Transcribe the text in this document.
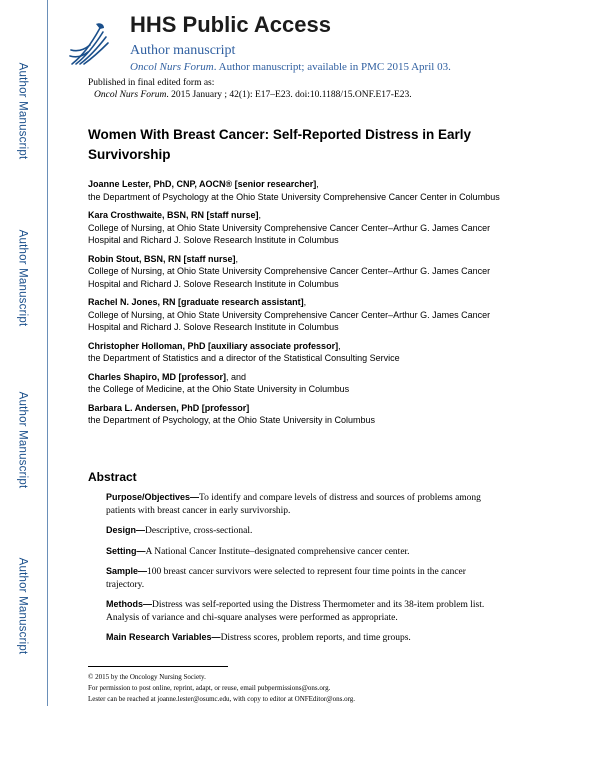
Author Manuscript
Author Manuscript
Author Manuscript
Author Manuscript
HHS Public Access
Author manuscript
Oncol Nurs Forum. Author manuscript; available in PMC 2015 April 03.
Published in final edited form as:
Oncol Nurs Forum. 2015 January ; 42(1): E17–E23. doi:10.1188/15.ONF.E17-E23.
Women With Breast Cancer: Self-Reported Distress in Early Survivorship
Joanne Lester, PhD, CNP, AOCN® [senior researcher],
the Department of Psychology at the Ohio State University Comprehensive Cancer Center in Columbus
Kara Crosthwaite, BSN, RN [staff nurse],
College of Nursing, at Ohio State University Comprehensive Cancer Center–Arthur G. James Cancer Hospital and Richard J. Solove Research Institute in Columbus
Robin Stout, BSN, RN [staff nurse],
College of Nursing, at Ohio State University Comprehensive Cancer Center–Arthur G. James Cancer Hospital and Richard J. Solove Research Institute in Columbus
Rachel N. Jones, RN [graduate research assistant],
College of Nursing, at Ohio State University Comprehensive Cancer Center–Arthur G. James Cancer Hospital and Richard J. Solove Research Institute in Columbus
Christopher Holloman, PhD [auxiliary associate professor],
the Department of Statistics and a director of the Statistical Consulting Service
Charles Shapiro, MD [professor], and
the College of Medicine, at the Ohio State University in Columbus
Barbara L. Andersen, PhD [professor]
the Department of Psychology, at the Ohio State University in Columbus
Abstract

Purpose/Objectives—To identify and compare levels of distress and sources of problems among patients with breast cancer in early survivorship.

Design—Descriptive, cross-sectional.

Setting—A National Cancer Institute–designated comprehensive cancer center.

Sample—100 breast cancer survivors were selected to represent four time points in the cancer trajectory.

Methods—Distress was self-reported using the Distress Thermometer and its 38-item problem list. Analysis of variance and chi-square analyses were performed as appropriate.

Main Research Variables—Distress scores, problem reports, and time groups.

© 2015 by the Oncology Nursing Society.
For permission to post online, reprint, adapt, or reuse, email pubpermissions@ons.org.
Lester can be reached at joanne.lester@osumc.edu, with copy to editor at ONFEditor@ons.org.
